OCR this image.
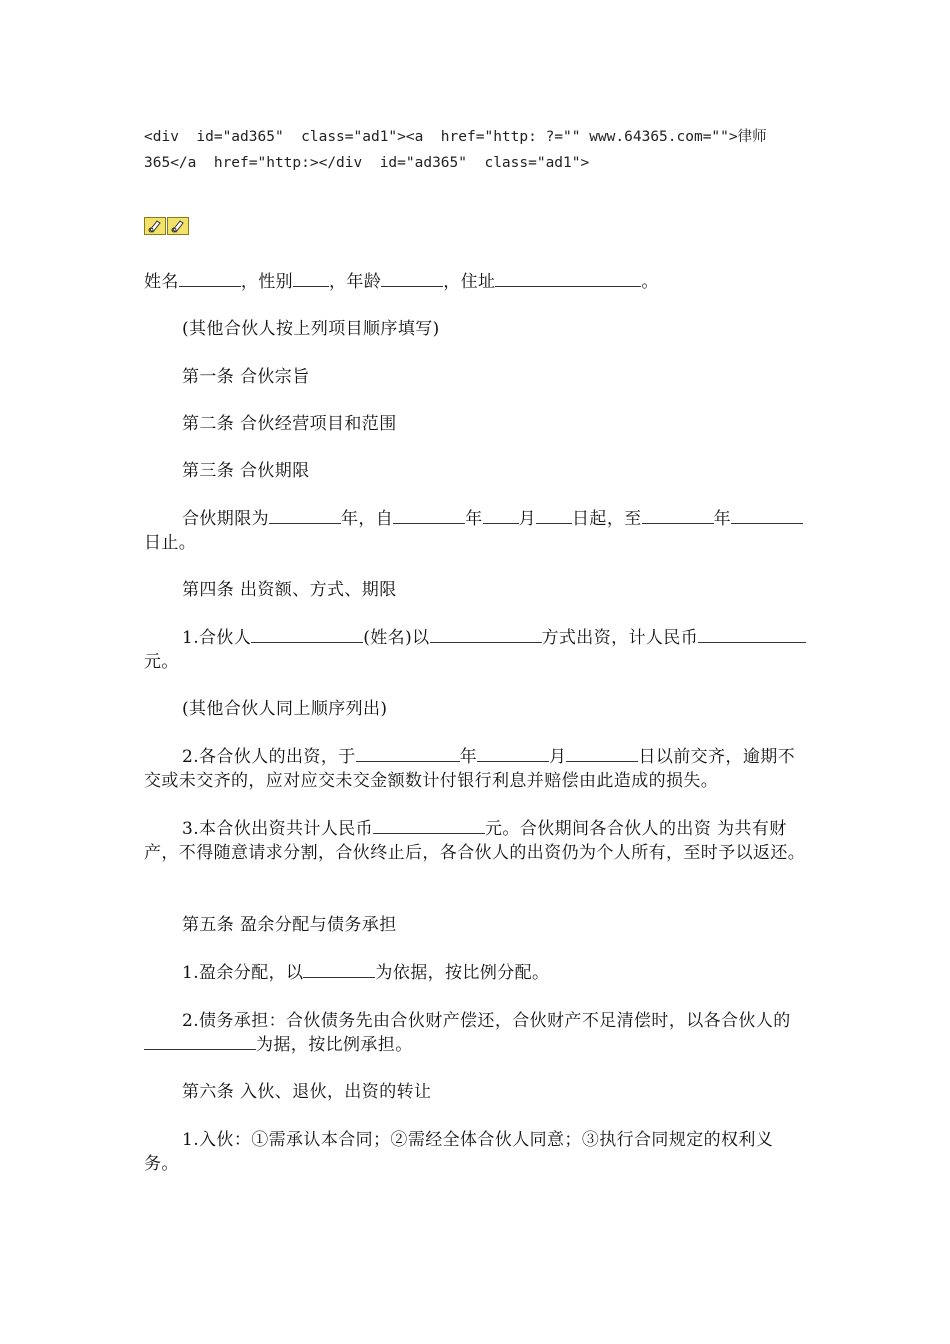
<div  id="ad365"  class="ad1"><a  href="http: ?="" www.64365.com="">律师
365</a  href="http:></div  id="ad365"  class="ad1">

姓名	，性别 ，年龄	，住址	。

(其他合伙人按上列项目顺序填写)

第一条 合伙宗旨

第二条 合伙经营项目和范围

第三条 合伙期限

合伙期限为	年，自	年 月 日起，至	年日止。

第四条 出资额、方式、期限

1.合伙人	(姓名)以	方式出资，计人民币元。

(其他合伙人同上顺序列出)

2.各合伙人的出资，于	年	月	日以前交齐，逾期不交或未交齐的，应对应交未交金额数计付银行利息并赔偿由此造成的损失。

3.本合伙出资共计人民币	元。合伙期间各合伙人的出资 为共有财产，不得随意请求分割，合伙终止后，各合伙人的出资仍为个人所有，至时予以返还。

第五条 盈余分配与债务承担

1.盈余分配，以	为依据，按比例分配。

2.债务承担：合伙债务先由合伙财产偿还，合伙财产不足清偿时，以各合伙人的为据，按比例承担。

第六条 入伙、退伙，出资的转让

1.入伙：①需承认本合同；②需经全体合伙人同意；③执行合同规定的权利义务。
